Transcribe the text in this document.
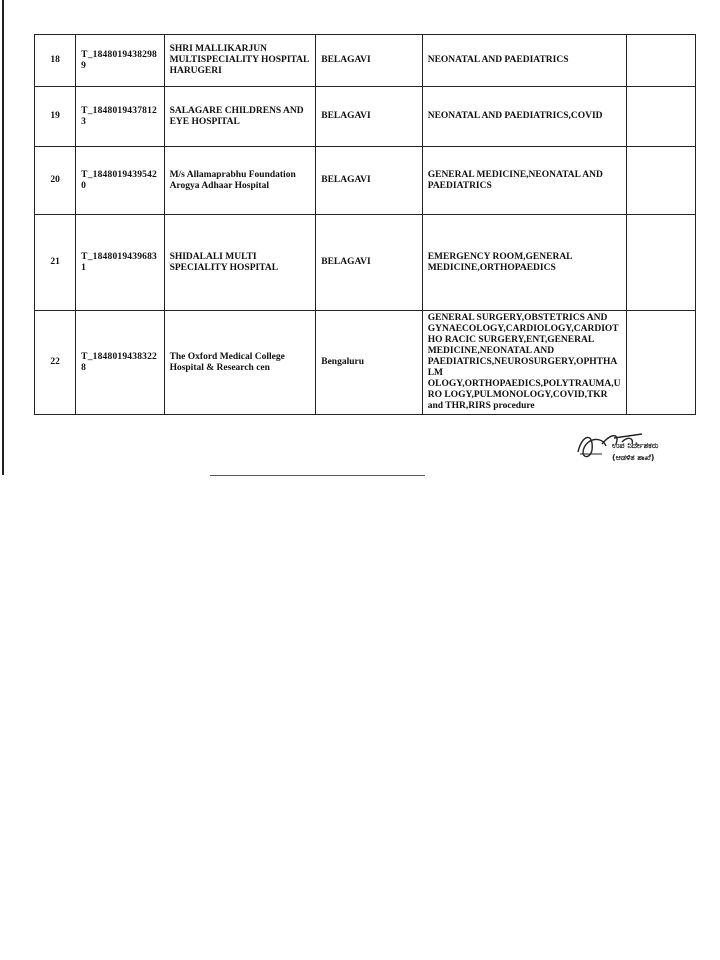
18	T_18480194382989	SHRI MALLIKARJUN MULTISPECIALITY HOSPITAL HARUGERI	BELAGAVI	NEONATAL AND PAEDIATRICS	
19	T_18480194378123	SALAGARE CHILDRENS AND EYE HOSPITAL	BELAGAVI	NEONATAL AND PAEDIATRICS,COVID	
20	T_18480194395420	M/s Allamaprabhu Foundation Arogya Adhaar Hospital	BELAGAVI	GENERAL MEDICINE,NEONATAL AND PAEDIATRICS	
21	T_18480194396831	SHIDALALI MULTI SPECIALITY HOSPITAL	BELAGAVI	EMERGENCY ROOM,GENERAL MEDICINE,ORTHOPAEDICS	
22	T_18480194383228	The Oxford Medical College Hospital & Research cen	Bengaluru	GENERAL SURGERY,OBSTETRICS AND GYNAECOLOGY,CARDIOLOGY,CARDIOTHO RACIC SURGERY,ENT,GENERAL MEDICINE,NEONATAL AND PAEDIATRICS,NEUROSURGERY,OPHTHALM OLOGY,ORTHOPAEDICS,POLYTRAUMA,URO LOGY,PULMONOLOGY,COVID,TKR and THR,RIRS procedure	
ಉಪ ನಿರ್ದೇಶಕರು
(ಆಡಳಿತ ಶಾಖೆ)
